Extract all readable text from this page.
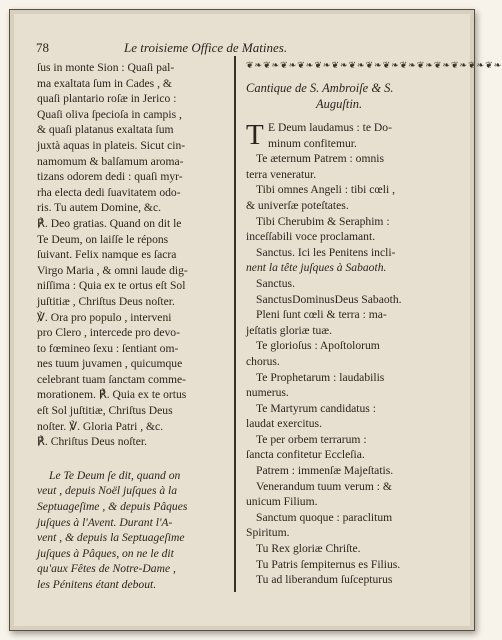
78	Le troisieme Office de Matines.
ſus in monte Sion : Quaſi pal-
ma exaltata ſum in Cades , &
quaſi plantario roſæ in Jerico :
Quaſi oliva ſpecioſa in campis ,
& quaſi platanus exaltata ſum
juxtà aquas in plateis. Sicut cin-
namomum & balſamum aroma-
tizans odorem dedi : quaſi myr-
rha electa dedi ſuavitatem odo-
ris. Tu autem Domine, &c.
℟. Deo gratias. Quand on dit le
Te Deum, on laiſſe le répons
ſuivant. Felix namque es ſacra
Virgo Maria , & omni laude dig-
niſſima : Quia ex te ortus eſt Sol
juſtitiæ , Chriſtus Deus noſter.
℣. Ora pro populo , interveni
pro Clero , intercede pro devo-
to fœmineo ſexu : ſentiant om-
nes tuum juvamen , quicumque
celebrant tuam ſanctam comme-
morationem. ℟. Quia ex te ortus
eſt Sol juſtitiæ, Chriſtus Deus
noſter. ℣. Gloria Patri , &c.
℟. Chriſtus Deus noſter.
Le Te Deum ſe dit, quand on
veut , depuis Noël juſques à la
Septuageſime , & depuis Pâques
juſques à l'Avent. Durant l'A-
vent , & depuis la Septuageſime
juſques à Pâques, on ne le dit
qu'aux Fêtes de Notre-Dame ,
les Pénitens étant debout.
❦❧❦❧❦❧❦❧❦❧❦❧❦❧❦❧❦❧❦❧❦❧❦❧❦❧❦❧❦❧
Cantique de S. Ambroiſe & S.
Auguſtin.
T E Deum laudamus : te Do-
minum confitemur.
Te æternum Patrem : omnis
terra veneratur.
Tibi omnes Angeli : tibi cœli ,
& univerſæ poteſtates.
Tibi Cherubim & Seraphim :
inceſſabili voce proclamant.
Sanctus. Ici les Penitens incli-
nent la tête juſques à Sabaoth.
Sanctus.
SanctusDominusDeus Sabaoth.
Pleni ſunt cœli & terra : ma-
jeſtatis gloriæ tuæ.
Te glorioſus : Apoſtolorum
chorus.
Te Prophetarum : laudabilis
numerus.
Te Martyrum candidatus :
laudat exercitus.
Te per orbem terrarum :
ſancta confitetur Eccleſia.
Patrem : immenſæ Majeſtatis.
Venerandum tuum verum : &
unicum Filium.
Sanctum quoque : paraclitum
Spiritum.
Tu Rex gloriæ Chriſte.
Tu Patris ſempiternus es Filius.
Tu ad liberandum ſuſcepturus
